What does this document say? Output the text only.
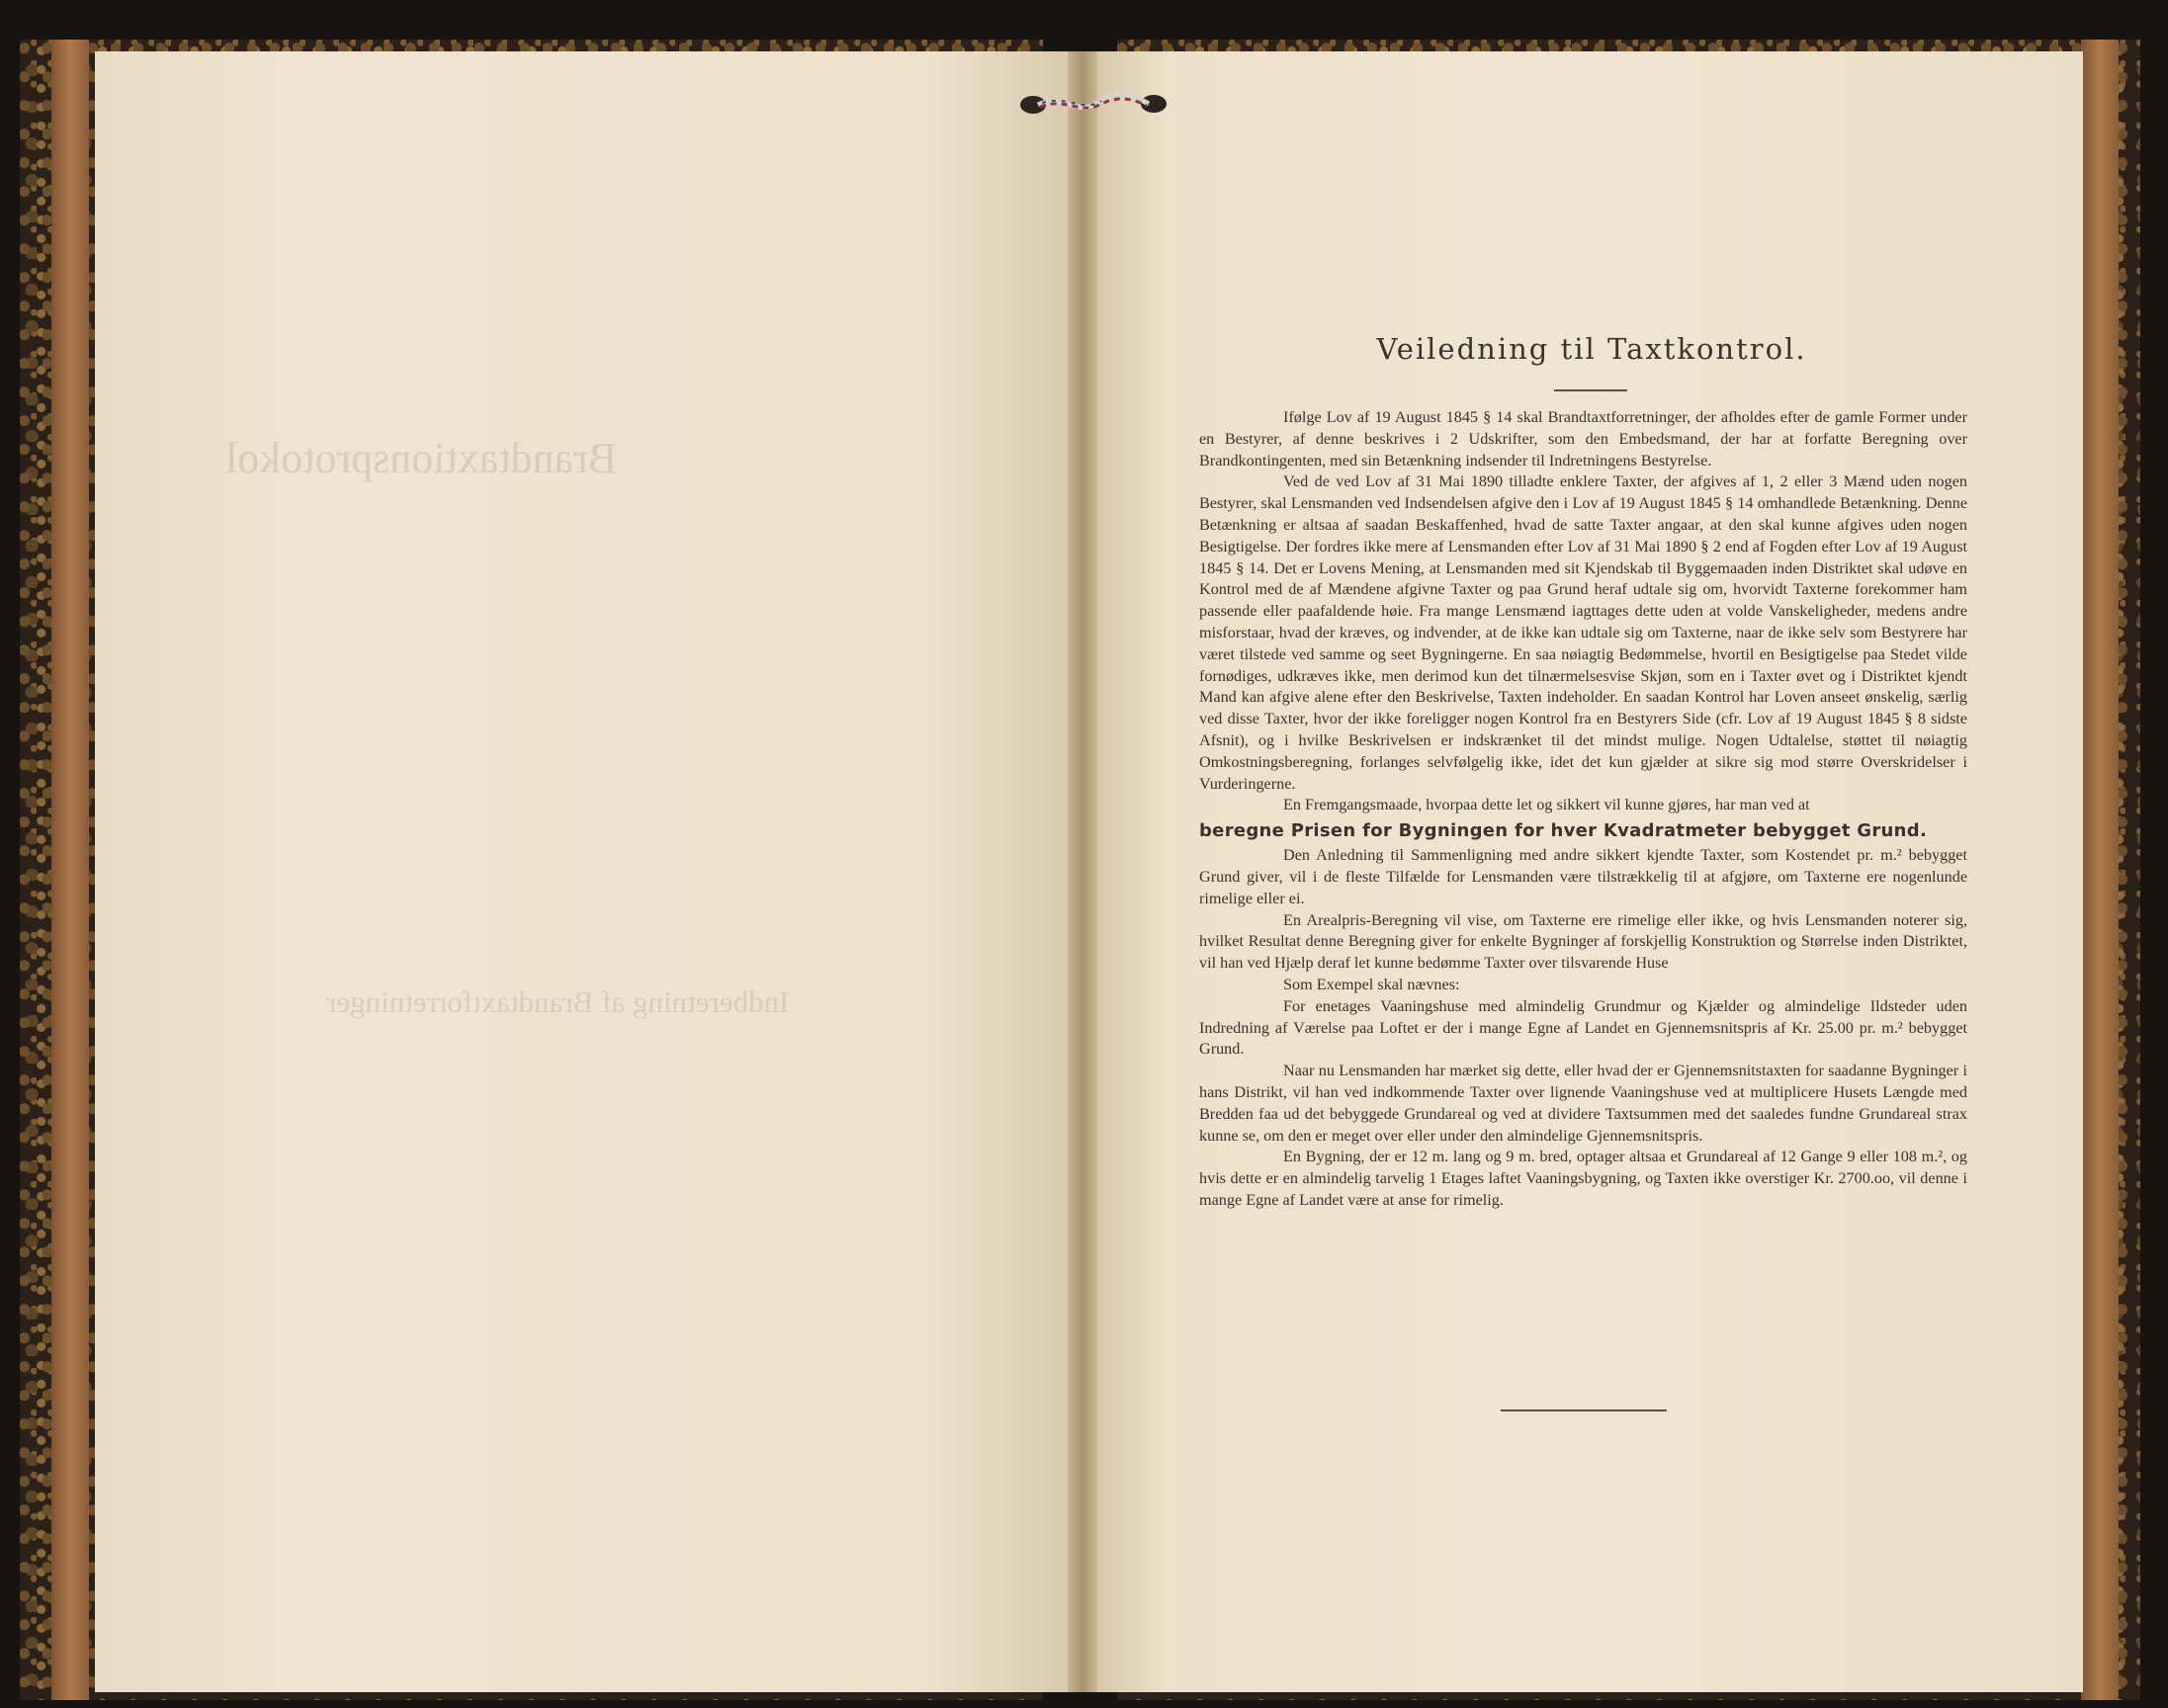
Brandtaxtionsprotokol
Indberetning af Brandtaxtforretninger
Veiledning til Taxtkontrol.

Ifølge Lov af 19 August 1845 § 14 skal Brandtaxtforretninger, der afholdes efter de gamle Former under en Bestyrer, af denne beskrives i 2 Udskrifter, som den Embedsmand, der har at forfatte Beregning over Brandkontingenten, med sin Betænkning indsender til Indretningens Bestyrelse.

Ved de ved Lov af 31 Mai 1890 tilladte enklere Taxter, der afgives af 1, 2 eller 3 Mænd uden nogen Bestyrer, skal Lensmanden ved Indsendelsen afgive den i Lov af 19 August 1845 § 14 omhandlede Betænkning. Denne Betænkning er altsaa af saadan Beskaffenhed, hvad de satte Taxter angaar, at den skal kunne afgives uden nogen Besigtigelse. Der fordres ikke mere af Lensmanden efter Lov af 31 Mai 1890 § 2 end af Fogden efter Lov af 19 August 1845 § 14. Det er Lovens Mening, at Lensmanden med sit Kjendskab til Byggemaaden inden Distriktet skal udøve en Kontrol med de af Mændene afgivne Taxter og paa Grund heraf udtale sig om, hvorvidt Taxterne forekommer ham passende eller paafaldende høie. Fra mange Lensmænd iagttages dette uden at volde Vanskeligheder, medens andre misforstaar, hvad der kræves, og indvender, at de ikke kan udtale sig om Taxterne, naar de ikke selv som Bestyrere har været tilstede ved samme og seet Bygningerne. En saa nøiagtig Bedømmelse, hvortil en Besigtigelse paa Stedet vilde fornødiges, udkræves ikke, men derimod kun det tilnærmelsesvise Skjøn, som en i Taxter øvet og i Distriktet kjendt Mand kan afgive alene efter den Beskrivelse, Taxten indeholder. En saadan Kontrol har Loven anseet ønskelig, særlig ved disse Taxter, hvor der ikke foreligger nogen Kontrol fra en Bestyrers Side (cfr. Lov af 19 August 1845 § 8 sidste Afsnit), og i hvilke Beskrivelsen er indskrænket til det mindst mulige. Nogen Udtalelse, støttet til nøiagtig Omkostningsberegning, forlanges selvfølgelig ikke, idet det kun gjælder at sikre sig mod større Overskridelser i Vurderingerne.

En Fremgangsmaade, hvorpaa dette let og sikkert vil kunne gjøres, har man ved at

beregne Prisen for Bygningen for hver Kvadratmeter bebygget Grund.

Den Anledning til Sammenligning med andre sikkert kjendte Taxter, som Kostendet pr. m.² bebygget Grund giver, vil i de fleste Tilfælde for Lensmanden være tilstrækkelig til at afgjøre, om Taxterne ere nogenlunde rimelige eller ei.

En Arealpris-Beregning vil vise, om Taxterne ere rimelige eller ikke, og hvis Lensmanden noterer sig, hvilket Resultat denne Beregning giver for enkelte Bygninger af forskjellig Konstruktion og Størrelse inden Distriktet, vil han ved Hjælp deraf let kunne bedømme Taxter over tilsvarende Huse

Som Exempel skal nævnes:

For enetages Vaaningshuse med almindelig Grundmur og Kjælder og almindelige Ildsteder uden Indredning af Værelse paa Loftet er der i mange Egne af Landet en Gjennemsnitspris af Kr. 25.00 pr. m.² bebygget Grund.

Naar nu Lensmanden har mærket sig dette, eller hvad der er Gjennemsnitstaxten for saadanne Bygninger i hans Distrikt, vil han ved indkommende Taxter over lignende Vaaningshuse ved at multiplicere Husets Længde med Bredden faa ud det bebyggede Grundareal og ved at dividere Taxtsummen med det saaledes fundne Grundareal strax kunne se, om den er meget over eller under den almindelige Gjennemsnitspris.

En Bygning, der er 12 m. lang og 9 m. bred, optager altsaa et Grundareal af 12 Gange 9 eller 108 m.², og hvis dette er en almindelig tarvelig 1 Etages laftet Vaaningsbygning, og Taxten ikke overstiger Kr. 2700.oo, vil denne i mange Egne af Landet være at anse for rimelig.
